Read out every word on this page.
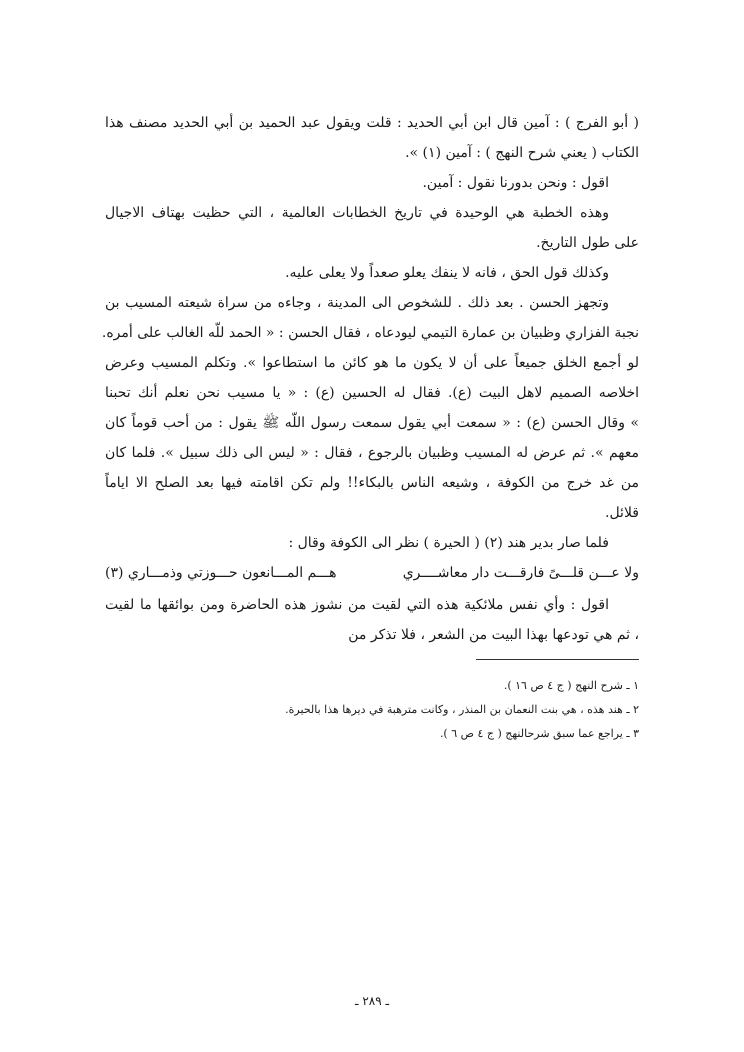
( أبو الفرج ) : آمين قال ابن أبي الحديد : قلت ويقول عبد الحميد بن أبي الحديد مصنف هذا
الكتاب ( يعني شرح النهج ) : آمين (١) ».
اقول : ونحن بدورنا نقول : آمين.
وهذه الخطبة هي الوحيدة في تاريخ الخطابات العالمية ، التي حظيت بهتاف الاجيال
على طول التاريخ.
وكذلك قول الحق ، فانه لا ينفك يعلو صعداً ولا يعلى عليه.
وتجهز الحسن . بعد ذلك . للشخوص الى المدينة ، وجاءه من سراة شيعته المسيب بن
نجبة الفزاري وظبيان بن عمارة التيمي ليودعاه ، فقال الحسن : « الحمد للّه الغالب على أمره.
لو أجمع الخلق جميعاً على أن لا يكون ما هو كائن ما استطاعوا ». وتكلم المسيب وعرض
اخلاصه الصميم لاهل البيت (ع). فقال له الحسين (ع) : « يا مسيب نحن نعلم أنك تحبنا
» وقال الحسن (ع) : « سمعت أبي يقول سمعت رسول اللّه ﷺ يقول : من أحب قوماً كان
معهم ». ثم عرض له المسيب وظبيان بالرجوع ، فقال : « ليس الى ذلك سبيل ». فلما كان
من غد خرج من الكوفة ، وشيعه الناس بالبكاء!! ولم تكن اقامته فيها بعد الصلح الا اياماً
قلائل.
فلما صار بدير هند (٢) ( الحيرة ) نظر الى الكوفة وقال :
ولا عـــن قلـــىً فارقـــت دار معاشــــري
هـــم المـــانعون حـــوزتي وذمـــاري (٣)
اقول : وأي نفس ملائكية هذه التي لقيت من نشوز هذه الحاضرة ومن بوائقها ما لقيت
، ثم هي تودعها بهذا البيت من الشعر ، فلا تذكر من
١ ـ شرح النهج ( ج ٤ ص ١٦ ).
٢ ـ هند هذه ، هي بنت النعمان بن المنذر ، وكانت مترهبة في ديرها هذا بالحيرة.
٣ ـ يراجع عما سبق شرحالنهج ( ج ٤ ص ٦ ).
ـ ٢٨٩ ـ
